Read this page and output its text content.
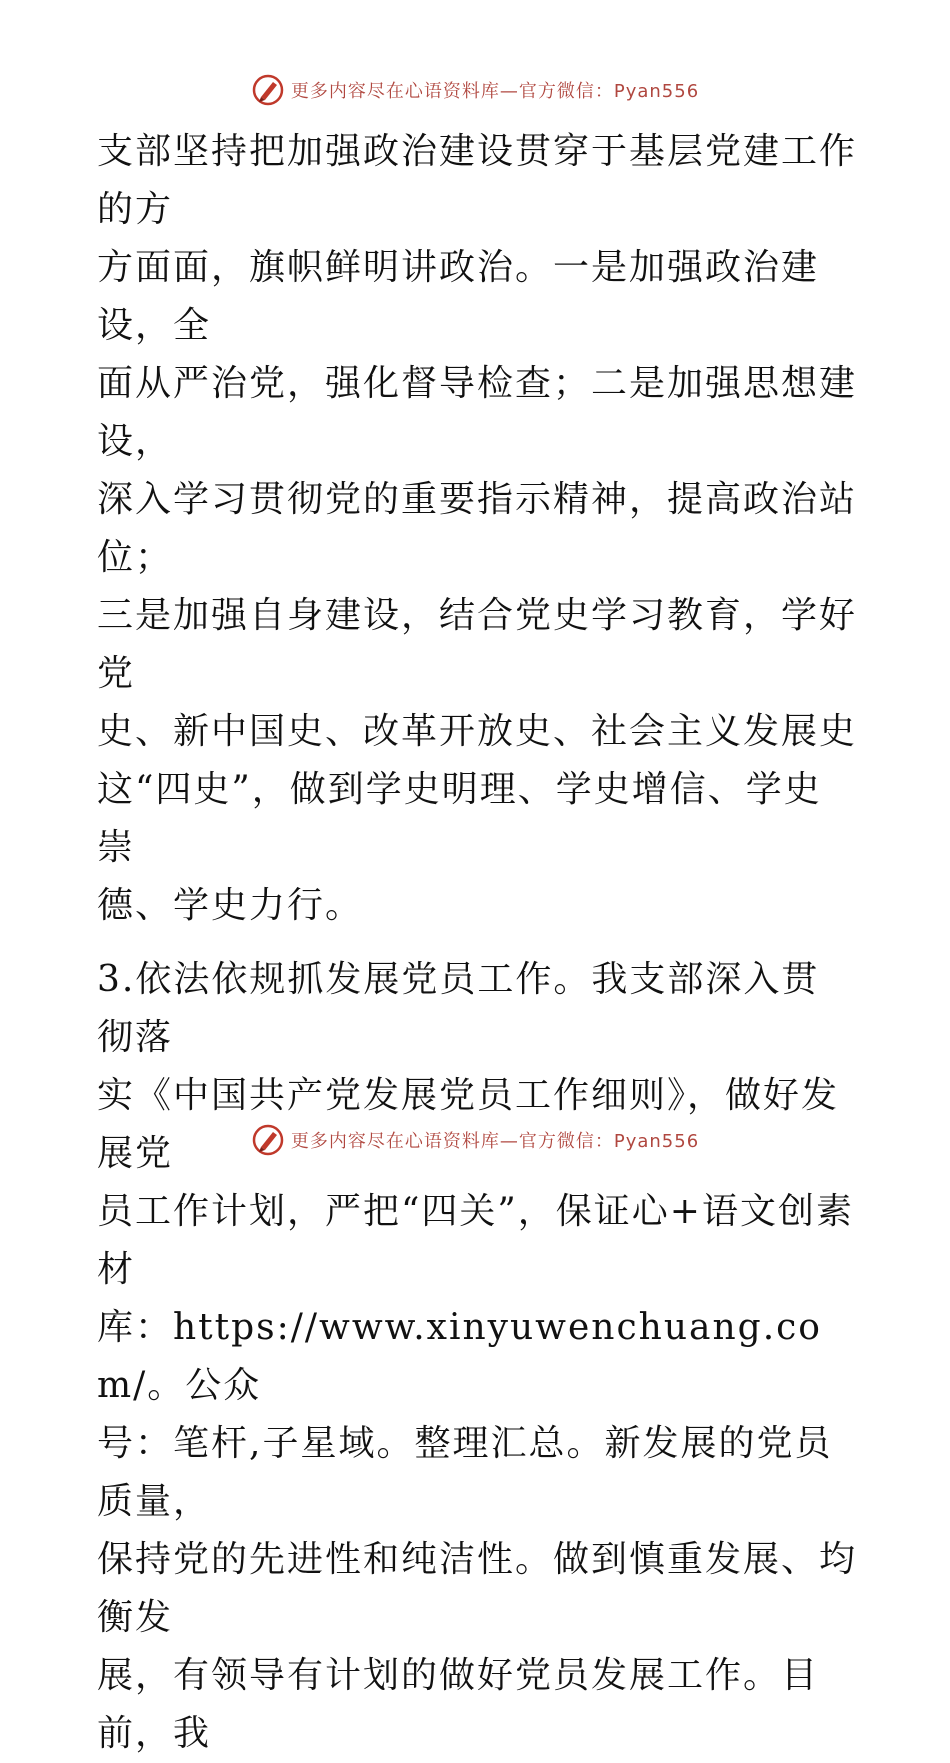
更多内容尽在心语资料库—官方微信：Pyan556

支部坚持把加强政治建设贯穿于基层党建工作的方

方面面，旗帜鲜明讲政治。一是加强政治建设，全

面从严治党，强化督导检查；二是加强思想建设，

深入学习贯彻党的重要指示精神，提高政治站位；

三是加强自身建设，结合党史学习教育，学好党

史、新中国史、改革开放史、社会主义发展史

这“四史”，做到学史明理、学史增信、学史崇

德、学史力行。

3.依法依规抓发展党员工作。我支部深入贯彻落

实《中国共产党发展党员工作细则》，做好发展党

员工作计划，严把“四关”，保证心+语文创素材

库：https://www.xinyuwenchuang.com/。公众

号：笔杆,子星域。整理汇总。新发展的党员质量，

保持党的先进性和纯洁性。做到慎重发展、均衡发

展，有领导有计划的做好党员发展工作。目前，我

更多内容尽在心语资料库—官方微信：Pyan556
